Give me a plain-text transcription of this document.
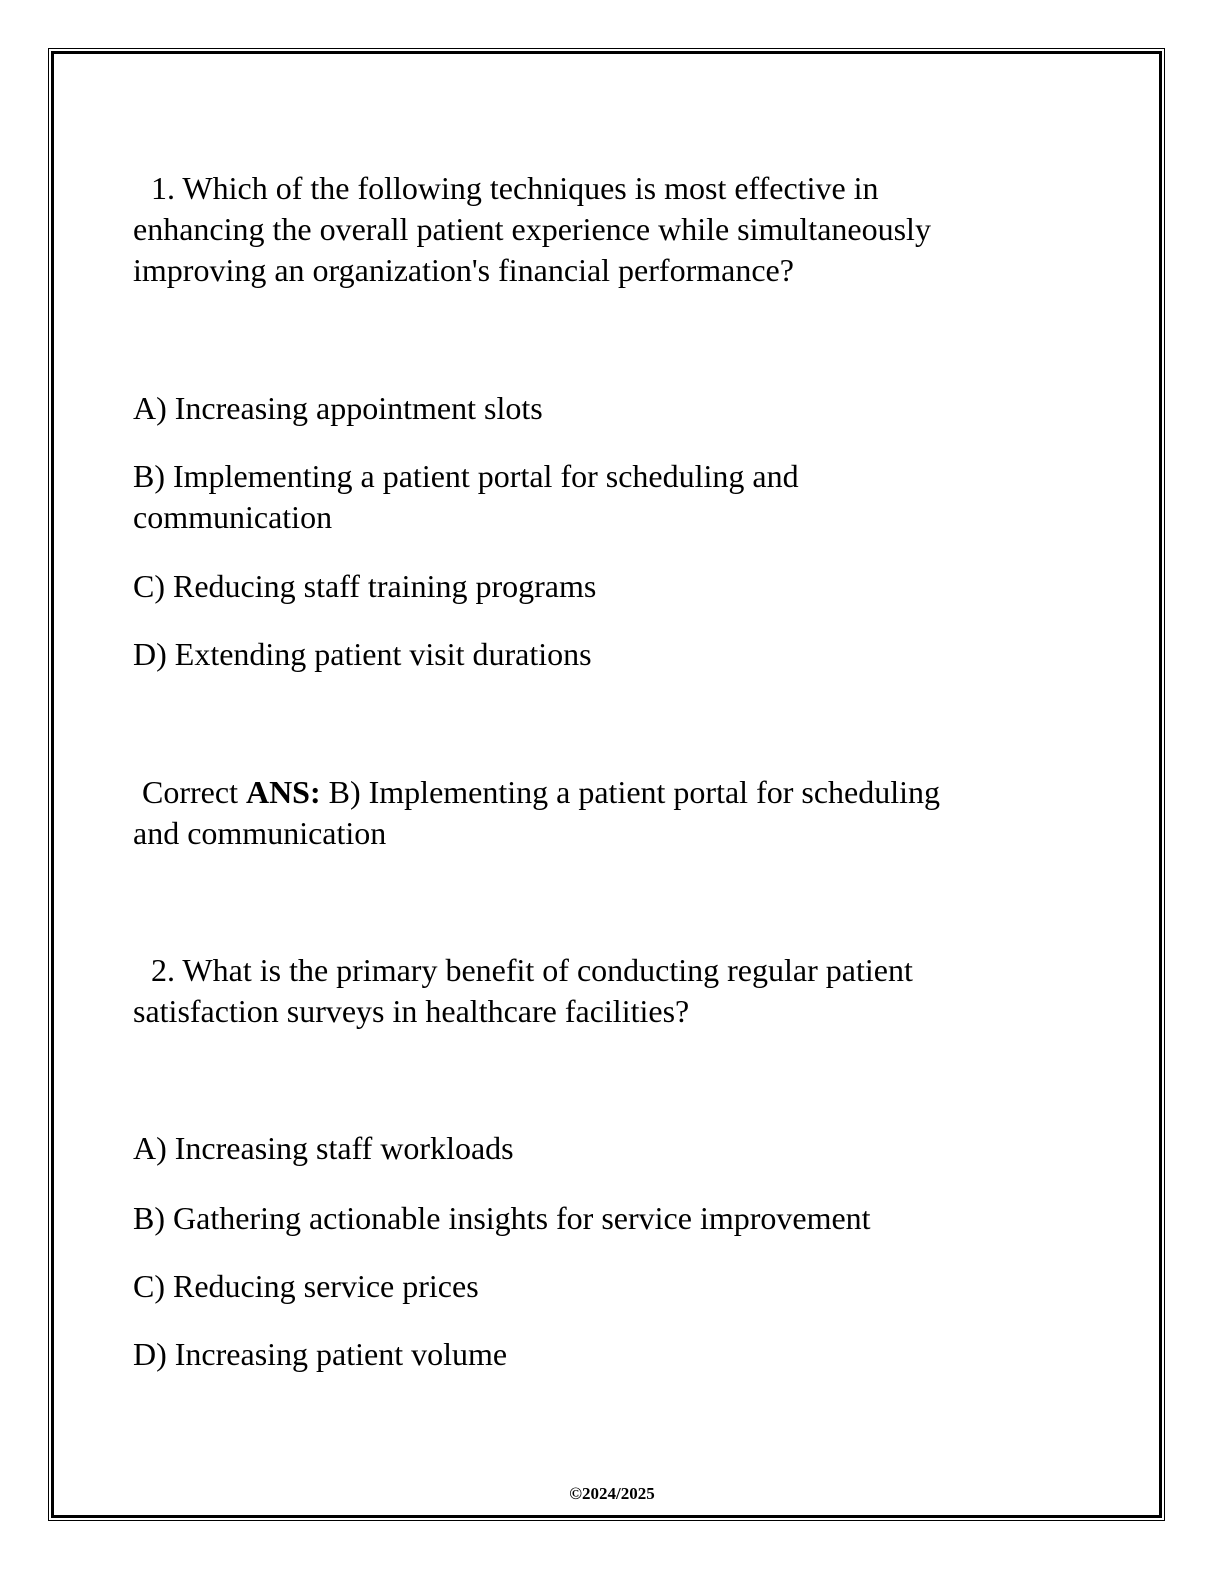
1. Which of the following techniques is most effective in
enhancing the overall patient experience while simultaneously
improving an organization's financial performance?
A) Increasing appointment slots
B) Implementing a patient portal for scheduling and
communication
C) Reducing staff training programs
D) Extending patient visit durations
Correct ANS: B) Implementing a patient portal for scheduling
and communication
2. What is the primary benefit of conducting regular patient
satisfaction surveys in healthcare facilities?
A) Increasing staff workloads
B) Gathering actionable insights for service improvement
C) Reducing service prices
D) Increasing patient volume
©2024/2025
